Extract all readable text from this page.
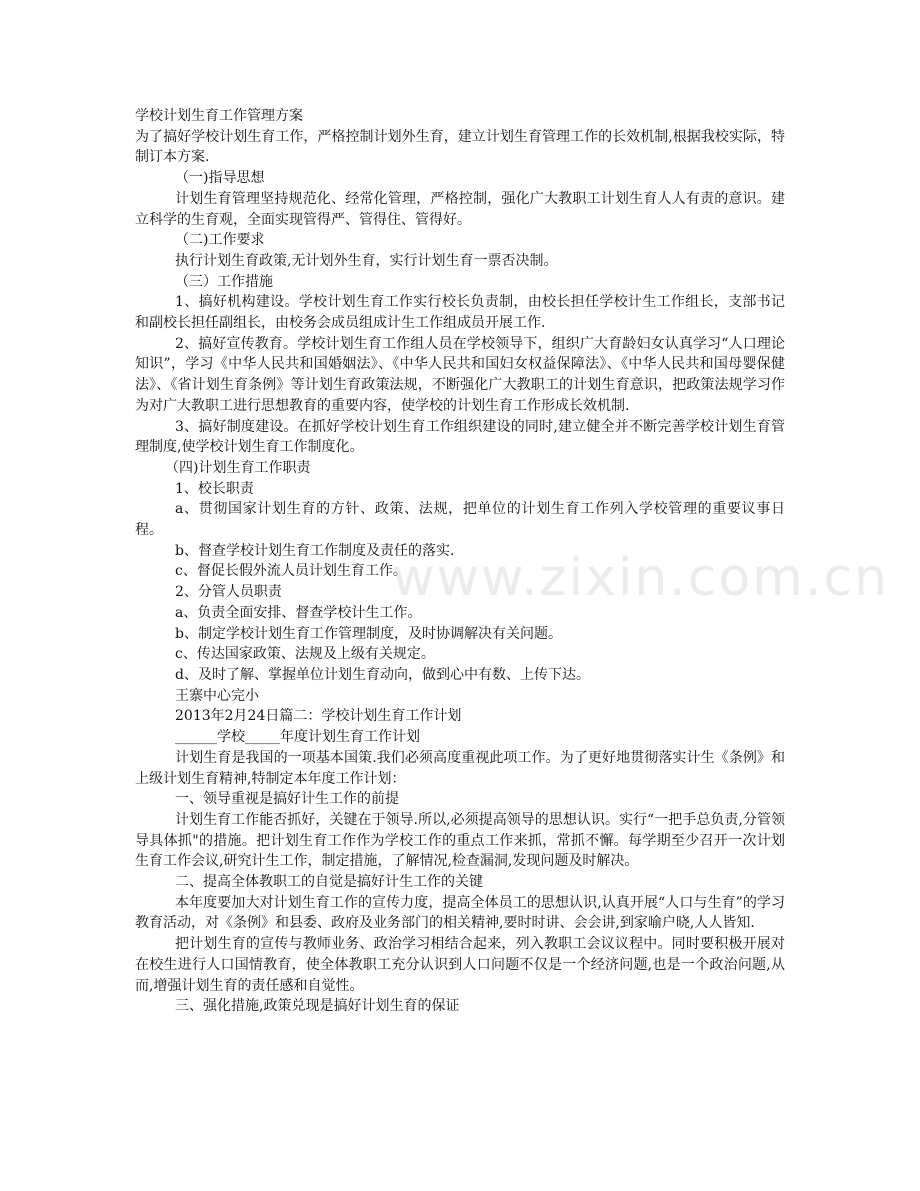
学校计划生育工作管理方案

为了搞好学校计划生育工作，严格控制计划外生育，建立计划生育管理工作的长效机制,根据我校实际，特制订本方案.

（一)指导思想

计划生育管理坚持规范化、经常化管理，严格控制，强化广大教职工计划生育人人有责的意识。建立科学的生育观，全面实现管得严、管得住、管得好。

（二)工作要求

执行计划生育政策,无计划外生育，实行计划生育一票否决制。

（三）工作措施

1、搞好机构建设。学校计划生育工作实行校长负责制，由校长担任学校计生工作组长，支部书记和副校长担任副组长，由校务会成员组成计生工作组成员开展工作.

2、搞好宣传教育。学校计划生育工作组人员在学校领导下，组织广大育龄妇女认真学习“人口理论知识”，学习《中华人民共和国婚姻法》、《中华人民共和国妇女权益保障法》、《中华人民共和国母婴保健法》、《省计划生育条例》等计划生育政策法规，不断强化广大教职工的计划生育意识，把政策法规学习作为对广大教职工进行思想教育的重要内容，使学校的计划生育工作形成长效机制.

3、搞好制度建设。在抓好学校计划生育工作组织建设的同时,建立健全并不断完善学校计划生育管理制度,使学校计划生育工作制度化。

（四)计划生育工作职责

1、校长职责

a、贯彻国家计划生育的方针、政策、法规，把单位的计划生育工作列入学校管理的重要议事日程。

b、督查学校计划生育工作制度及责任的落实.

c、督促长假外流人员计划生育工作。

2、分管人员职责

a、负责全面安排、督查学校计生工作。

b、制定学校计划生育工作管理制度，及时协调解决有关问题。

c、传达国家政策、法规及上级有关规定。

d、及时了解、掌握单位计划生育动向，做到心中有数、上传下达。

王寨中心完小

2013年2月24日篇二：学校计划生育工作计划

______学校_____年度计划生育工作计划

计划生育是我国的一项基本国策.我们必须高度重视此项工作。为了更好地贯彻落实计生《条例》和上级计划生育精神,特制定本年度工作计划：

一、领导重视是搞好计生工作的前提

计划生育工作能否抓好，关键在于领导.所以,必须提高领导的思想认识。实行“一把手总负责,分管领导具体抓"的措施。把计划生育工作作为学校工作的重点工作来抓，常抓不懈。每学期至少召开一次计划生育工作会议,研究计生工作，制定措施，了解情况,检查漏洞,发现问题及时解决。

二、提高全体教职工的自觉是搞好计生工作的关键

本年度要加大对计划生育工作的宣传力度，提高全体员工的思想认识,认真开展“人口与生育”的学习教育活动，对《条例》和县委、政府及业务部门的相关精神,要时时讲、会会讲,到家喻户晓,人人皆知.

把计划生育的宣传与教师业务、政治学习相结合起来，列入教职工会议议程中。同时要积极开展对在校生进行人口国情教育，使全体教职工充分认识到人口问题不仅是一个经济问题,也是一个政治问题,从而,增强计划生育的责任感和自觉性。

三、强化措施,政策兑现是搞好计划生育的保证

www.zixin.com.cn
